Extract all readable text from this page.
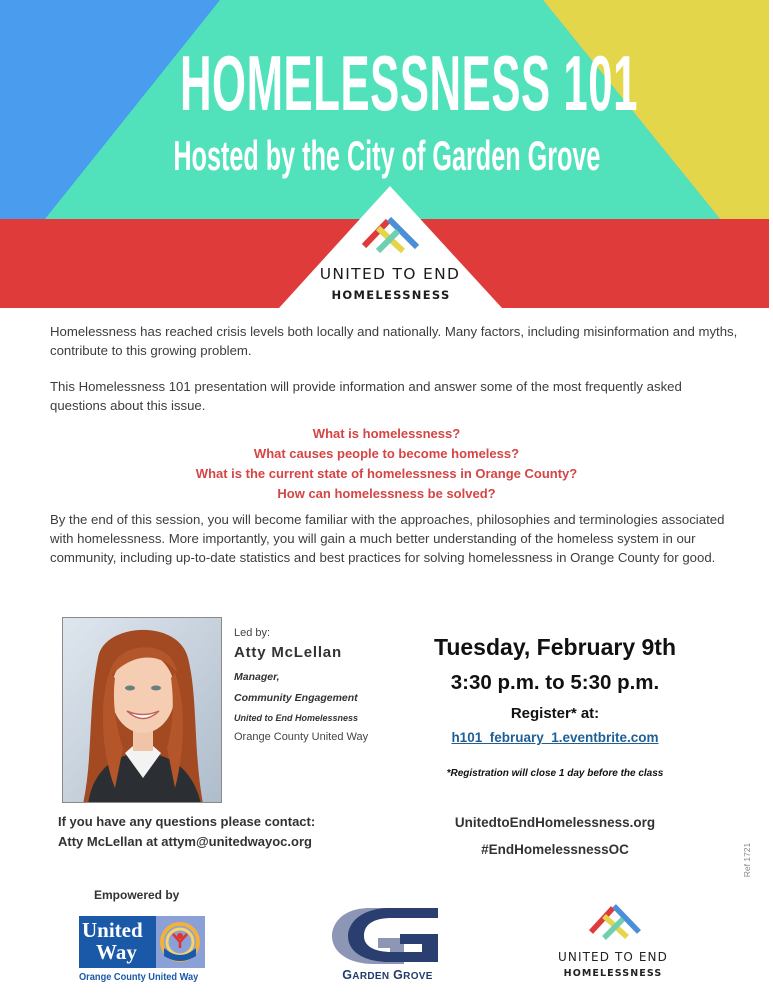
HOMELESSNESS 101
Hosted by the City of Garden Grove
UNITED TO END
HOMELESSNESS

Homelessness has reached crisis levels both locally and nationally. Many factors, including misinformation and myths, contribute to this growing problem.

This Homelessness 101 presentation will provide information and answer some of the most frequently asked questions about this issue.

What is homelessness?
What causes people to become homeless?
What is the current state of homelessness in Orange County?
How can homelessness be solved?

By the end of this session, you will become familiar with the approaches, philosophies and terminologies associated with homelessness. More importantly, you will gain a much better understanding of the homeless system in our community, including up-to-date statistics and best practices for solving homelessness in Orange County for good.

Led by:
Atty McLellan
Manager,
Community Engagement
United to End Homelessness
Orange County United Way
If you have any questions please contact:
Atty McLellan at attym@unitedwayoc.org
Tuesday, February 9th
3:30 p.m. to 5:30 p.m.
Register* at:
h101_february_1.eventbrite.com
*Registration will close 1 day before the class
UnitedtoEndHomelessness.org
#EndHomelessnessOC	Ref 1721
Empowered by
United
Way
Orange County United Way	GARDEN GROVE
UNITED TO END
HOMELESSNESS
